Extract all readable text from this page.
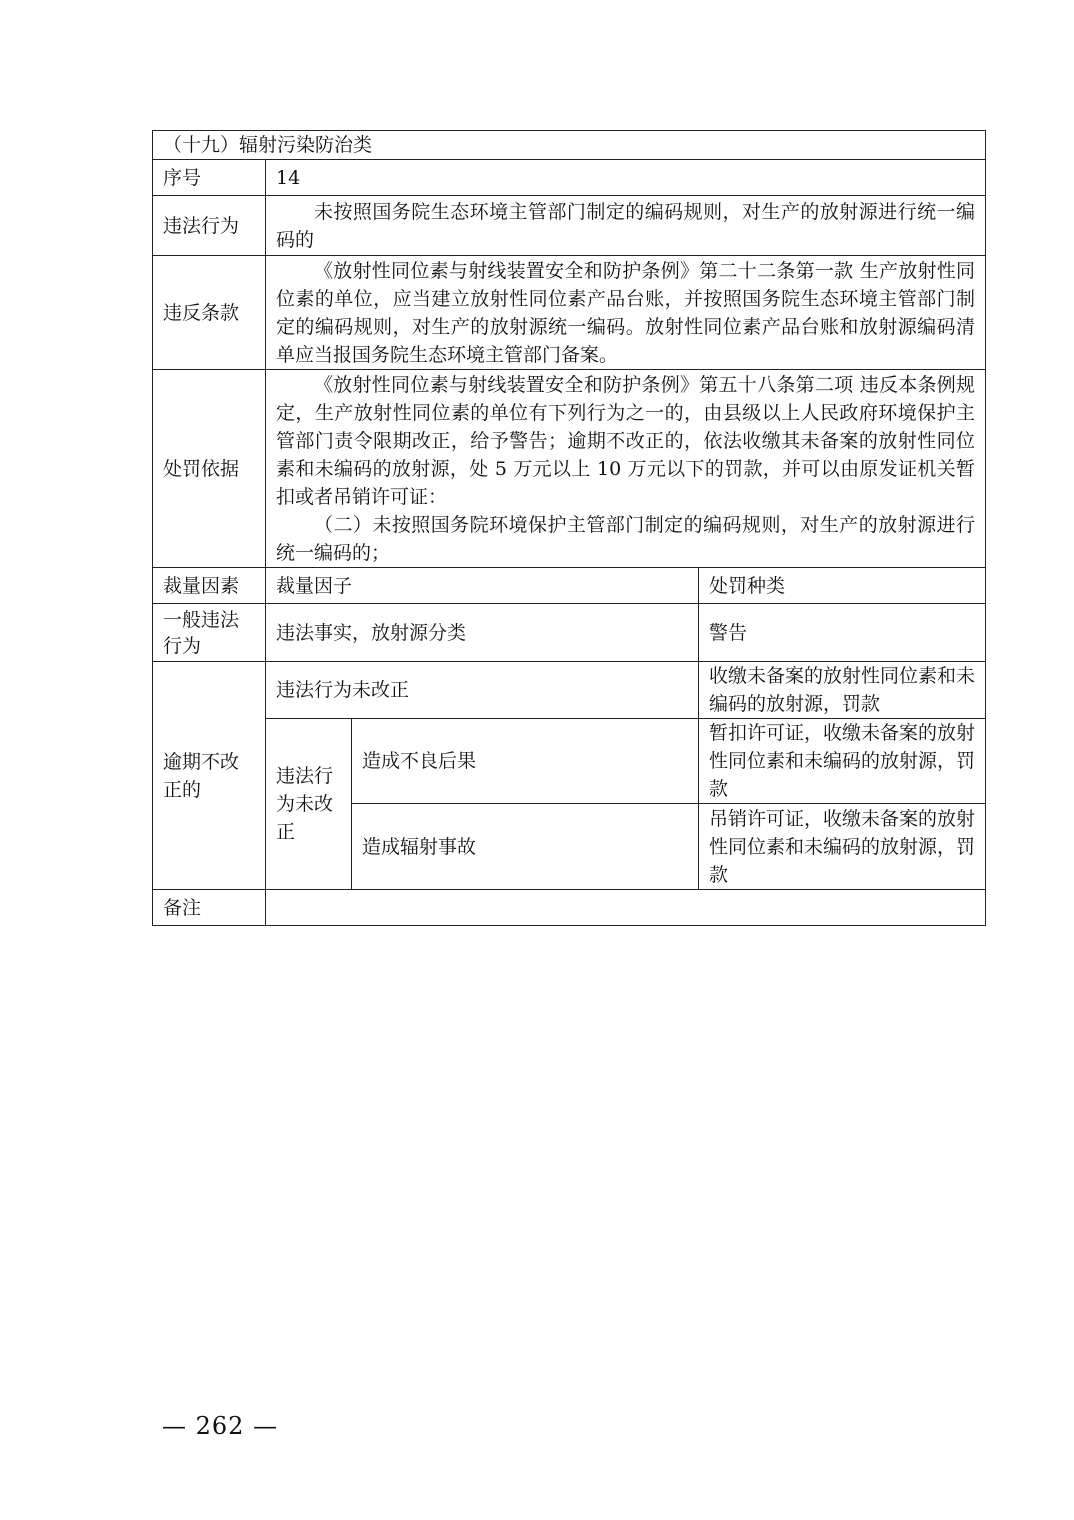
（十九）辐射污染防治类			
序号	14		
违法行为	未按照国务院生态环境主管部门制定的编码规则，对生产的放射源进行统一编码的		

违反条款	《放射性同位素与射线装置安全和防护条例》第二十二条第一款 生产放射性同位素的单位，应当建立放射性同位素产品台账，并按照国务院生态环境主管部门制定的编码规则，对生产的放射源统一编码。放射性同位素产品台账和放射源编码清单应当报国务院生态环境主管部门备案。		

处罚依据	《放射性同位素与射线装置安全和防护条例》第五十八条第二项 违反本条例规定，生产放射性同位素的单位有下列行为之一的，由县级以上人民政府环境保护主管部门责令限期改正，给予警告；逾期不改正的，依法收缴其未备案的放射性同位素和未编码的放射源，处 5 万元以上 10 万元以下的罚款，并可以由原发证机关暂扣或者吊销许可证：
（二）未按照国务院环境保护主管部门制定的编码规则，对生产的放射源进行统一编码的；		

裁量因素	裁量因子		处罚种类
一般违法行为	违法事实，放射源分类		警告
逾期不改正的	违法行为未改正		收缴未备案的放射性同位素和未编码的放射源，罚款
	违法行为未改正	造成不良后果	暂扣许可证，收缴未备案的放射性同位素和未编码的放射源，罚款
		造成辐射事故	吊销许可证，收缴未备案的放射性同位素和未编码的放射源，罚款
备注			
— 262 —
